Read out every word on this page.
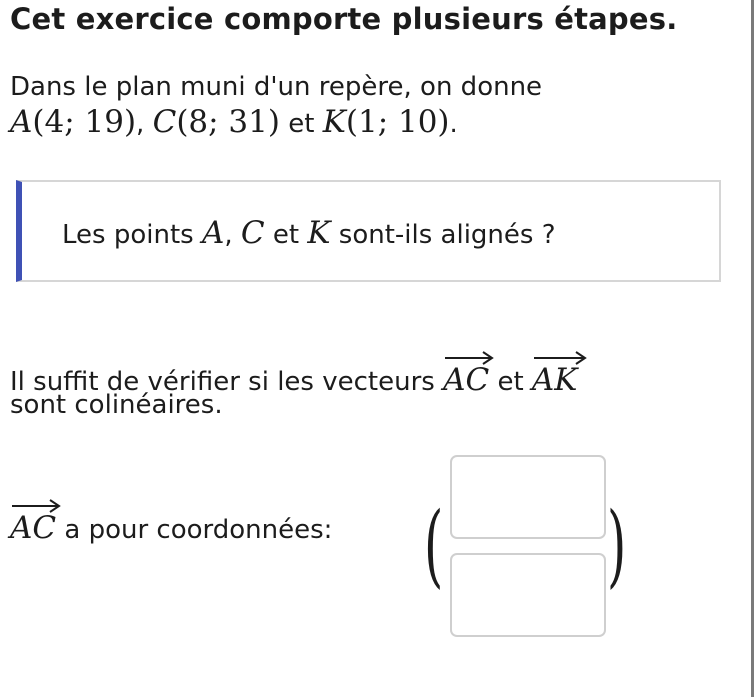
Cet exercice comporte plusieurs étapes.
Dans le plan muni d'un repère, on donne
A(4; 19), C(8; 31) et K(1; 10).
Les points A, C et K sont-ils alignés ?
Il suffit de vérifier si les vecteurs
AC et
AK
sont colinéaires.
AC a pour coordonnées: ( )
